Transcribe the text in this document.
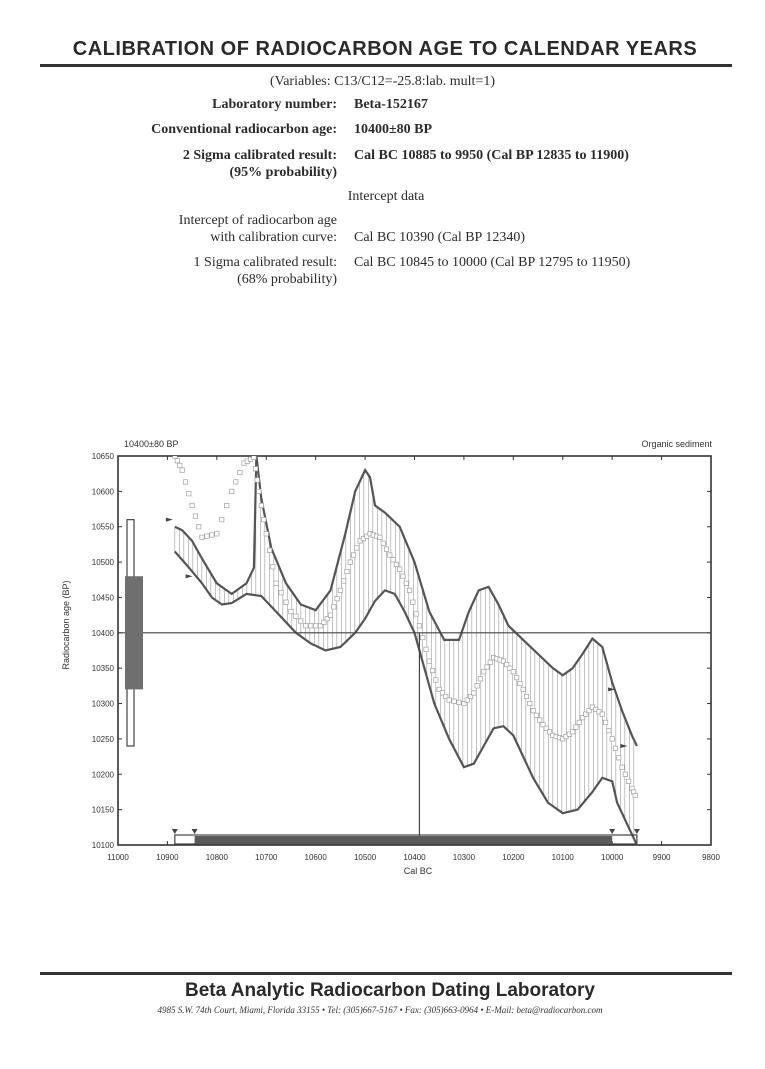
CALIBRATION OF RADIOCARBON AGE TO CALENDAR YEARS
(Variables: C13/C12=-25.8:lab. mult=1)
Laboratory number: Beta-152167
Conventional radiocarbon age: 10400±80 BP
2 Sigma calibrated result: Cal BC 10885 to 9950 (Cal BP 12835 to 11900)
(95% probability)
Intercept data
Intercept of radiocarbon age
with calibration curve: Cal BC 10390 (Cal BP 12340)
1 Sigma calibrated result: Cal BC 10845 to 10000 (Cal BP 12795 to 11950)
(68% probability)
10400±80 BP	Organic sediment
Cal BC
Radiocarbon age (BP)
10100
10150
10200
10250
10300
10350
10400
10450
10500
10550
10600
10650
11000	10900	10800	10700	10600	10500	10400	10300	10200	10100	10000	9900	9800
Beta Analytic Radiocarbon Dating Laboratory
4985 S.W. 74th Court, Miami, Florida 33155 • Tel: (305)667-5167 • Fax: (305)663-0964 • E-Mail: beta@radiocarbon.com
